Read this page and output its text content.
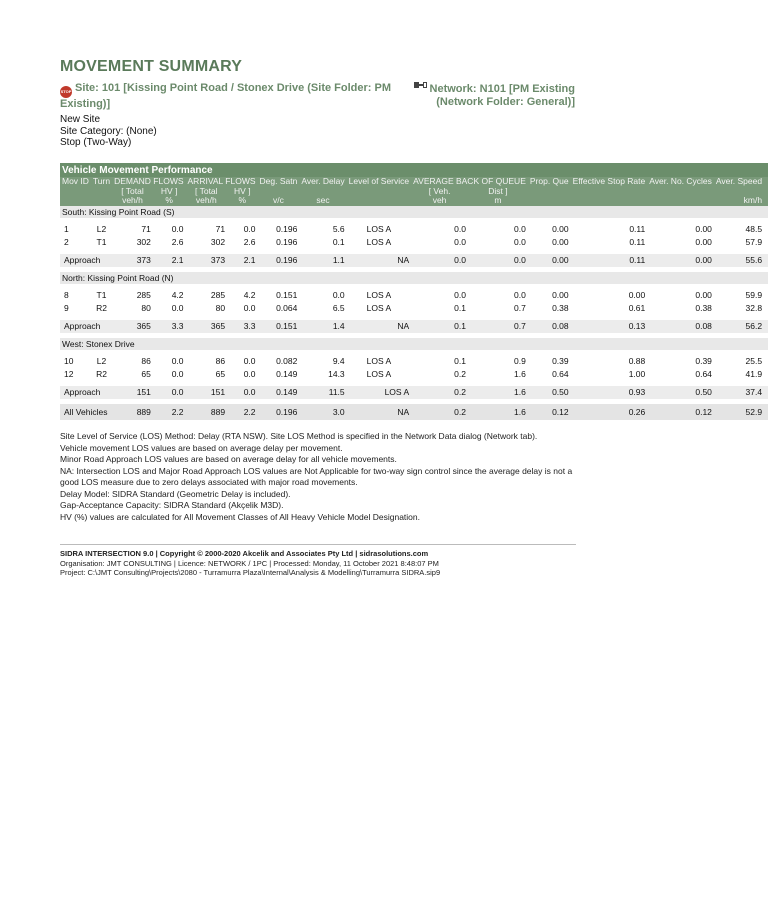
MOVEMENT SUMMARY
STOP Site: 101 [Kissing Point Road / Stonex Drive (Site Folder: PM Existing)]
Network: N101 [PM Existing (Network Folder: General)]
New Site
Site Category: (None)
Stop (Two-Way)
Vehicle Movement Performance															
Mov ID	Turn	DEMAND FLOWS		ARRIVAL FLOWS		Deg. Satn	Aver. Delay	Level of Service	AVERAGE BACK OF QUEUE		Prop. Que	Effective Stop Rate	Aver. No. Cycles	Aver. Speed	
		[ Total	HV ]	[ Total	HV ]				[ Veh.	Dist ]					
		veh/h	%	veh/h	%	v/c	sec		veh	m				km/h	
South: Kissing Point Road (S)															

1	L2	71	0.0	71	0.0	0.196	5.6	LOS A	0.0	0.0	0.00	0.11	0.00	48.5	
2	T1	302	2.6	302	2.6	0.196	0.1	LOS A	0.0	0.0	0.00	0.11	0.00	57.9	

Approach		373	2.1	373	2.1	0.196	1.1	NA	0.0	0.0	0.00	0.11	0.00	55.6	

North: Kissing Point Road (N)															

8	T1	285	4.2	285	4.2	0.151	0.0	LOS A	0.0	0.0	0.00	0.00	0.00	59.9	
9	R2	80	0.0	80	0.0	0.064	6.5	LOS A	0.1	0.7	0.38	0.61	0.38	32.8	

Approach		365	3.3	365	3.3	0.151	1.4	NA	0.1	0.7	0.08	0.13	0.08	56.2	

West: Stonex Drive															

10	L2	86	0.0	86	0.0	0.082	9.4	LOS A	0.1	0.9	0.39	0.88	0.39	25.5	
12	R2	65	0.0	65	0.0	0.149	14.3	LOS A	0.2	1.6	0.64	1.00	0.64	41.9	

Approach		151	0.0	151	0.0	0.149	11.5	LOS A	0.2	1.6	0.50	0.93	0.50	37.4	

All Vehicles		889	2.2	889	2.2	0.196	3.0	NA	0.2	1.6	0.12	0.26	0.12	52.9	
Site Level of Service (LOS) Method: Delay (RTA NSW). Site LOS Method is specified in the Network Data dialog (Network tab).
Vehicle movement LOS values are based on average delay per movement.
Minor Road Approach LOS values are based on average delay for all vehicle movements.
NA: Intersection LOS and Major Road Approach LOS values are Not Applicable for two-way sign control since the average delay is not a good LOS measure due to zero delays associated with major road movements.
Delay Model: SIDRA Standard (Geometric Delay is included).
Gap-Acceptance Capacity: SIDRA Standard (Akçelik M3D).
HV (%) values are calculated for All Movement Classes of All Heavy Vehicle Model Designation.
SIDRA INTERSECTION 9.0 | Copyright © 2000-2020 Akcelik and Associates Pty Ltd | sidrasolutions.com
Organisation: JMT CONSULTING | Licence: NETWORK / 1PC | Processed: Monday, 11 October 2021 8:48:07 PM
Project: C:\JMT Consulting\Projects\2080 - Turramurra Plaza\Internal\Analysis & Modelling\Turramurra SIDRA.sip9
